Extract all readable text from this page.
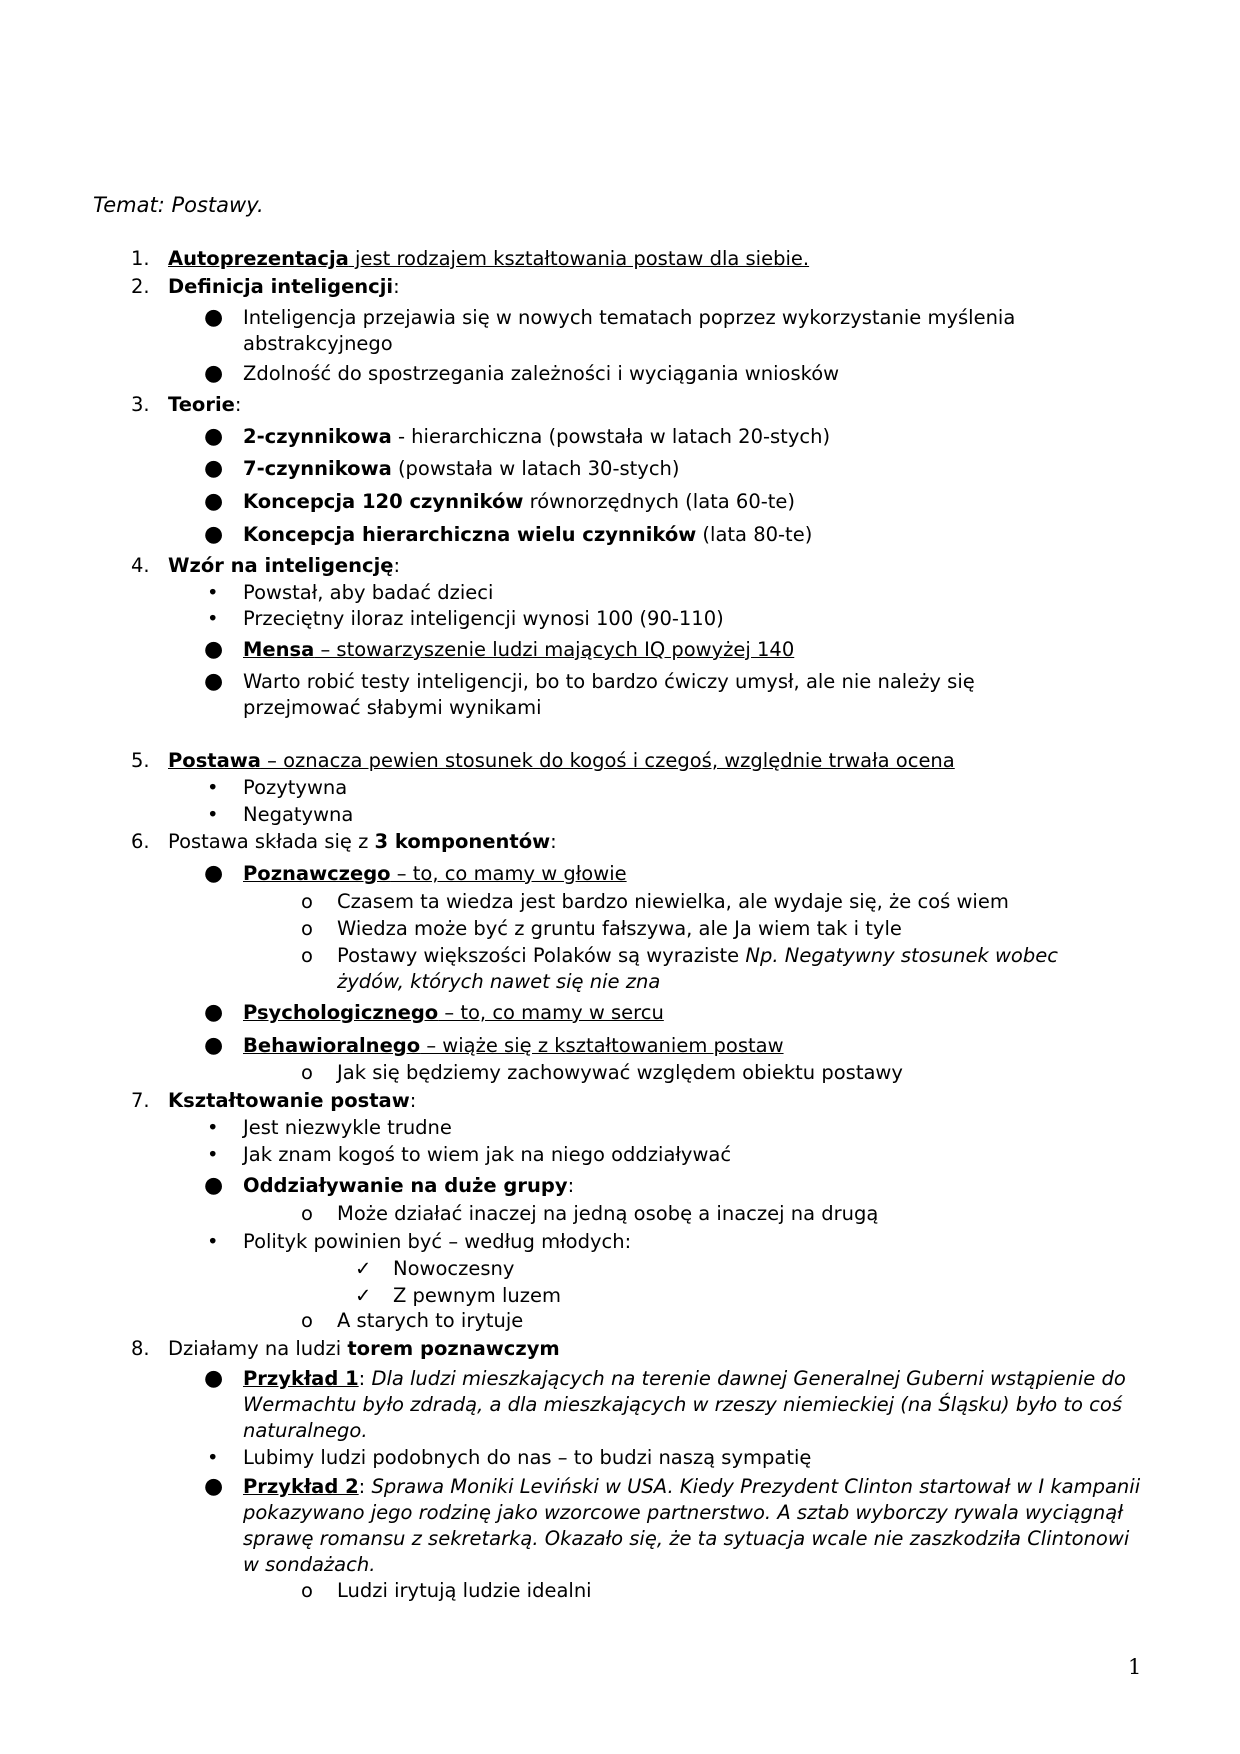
Temat: Postawy.
1. Autoprezentacja jest rodzajem kształtowania postaw dla siebie.
2. Definicja inteligencji:
● Inteligencja przejawia się w nowych tematach poprzez wykorzystanie myślenia abstrakcyjnego
● Zdolność do spostrzegania zależności i wyciągania wniosków
3. Teorie:
● 2-czynnikowa - hierarchiczna (powstała w latach 20-stych)
● 7-czynnikowa (powstała w latach 30-stych)
● Koncepcja 120 czynników równorzędnych (lata 60-te)
● Koncepcja hierarchiczna wielu czynników (lata 80-te)
4. Wzór na inteligencję:
• Powstał, aby badać dzieci
• Przeciętny iloraz inteligencji wynosi 100 (90-110)
● Mensa – stowarzyszenie ludzi mających IQ powyżej 140
● Warto robić testy inteligencji, bo to bardzo ćwiczy umysł, ale nie należy się przejmować słabymi wynikami
5. Postawa – oznacza pewien stosunek do kogoś i czegoś, względnie trwała ocena
• Pozytywna
• Negatywna
6. Postawa składa się z 3 komponentów:
● Poznawczego – to, co mamy w głowie
o Czasem ta wiedza jest bardzo niewielka, ale wydaje się, że coś wiem
o Wiedza może być z gruntu fałszywa, ale Ja wiem tak i tyle
o Postawy większości Polaków są wyraziste Np. Negatywny stosunek wobec żydów, których nawet się nie zna
● Psychologicznego – to, co mamy w sercu
● Behawioralnego – wiąże się z kształtowaniem postaw
o Jak się będziemy zachowywać względem obiektu postawy
7. Kształtowanie postaw:
• Jest niezwykle trudne
• Jak znam kogoś to wiem jak na niego oddziaływać
● Oddziaływanie na duże grupy:
o Może działać inaczej na jedną osobę a inaczej na drugą
• Polityk powinien być – według młodych:
✓ Nowoczesny
✓ Z pewnym luzem
o A starych to irytuje
8. Działamy na ludzi torem poznawczym
● Przykład 1: Dla ludzi mieszkających na terenie dawnej Generalnej Guberni wstąpienie do Wermachtu było zdradą, a dla mieszkających w rzeszy niemieckiej (na Śląsku) było to coś naturalnego.
• Lubimy ludzi podobnych do nas – to budzi naszą sympatię
● Przykład 2: Sprawa Moniki Leviński w USA. Kiedy Prezydent Clinton startował w I kampanii pokazywano jego rodzinę jako wzorcowe partnerstwo. A sztab wyborczy rywala wyciągnął sprawę romansu z sekretarką. Okazało się, że ta sytuacja wcale nie zaszkodziła Clintonowi w sondażach.
o Ludzi irytują ludzie idealni
1
